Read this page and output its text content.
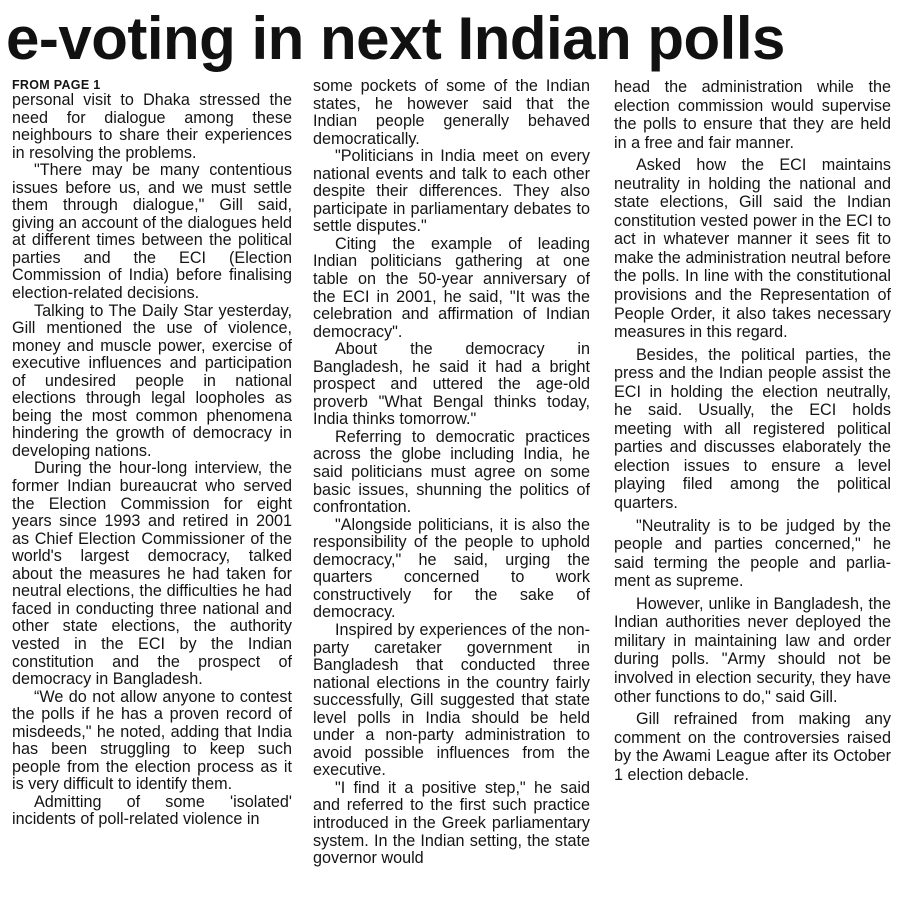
e-voting in next Indian polls
FROM PAGE 1

personal visit to Dhaka stressed the need for dialogue among these neighbours to share their experiences in resolving the problems.

"There may be many contentious issues before us, and we must settle them through dialogue," Gill said, giving an account of the dialogues held at different times between the political parties and the ECI (Election Commission of India) before finalising election-related decisions.

Talking to The Daily Star yesterday, Gill mentioned the use of violence, money and muscle power, exercise of executive influences and participation of undesired people in national elections through legal loopholes as being the most common phenomena hindering the growth of democracy in developing nations.

During the hour-long interview, the former Indian bureaucrat who served the Election Commission for eight years since 1993 and retired in 2001 as Chief Election Commissioner of the world's largest democracy, talked about the measures he had taken for neutral elections, the difficulties he had faced in conducting three national and other state elections, the authority vested in the ECI by the Indian constitution and the prospect of democracy in Bangladesh.

“We do not allow anyone to contest the polls if he has a proven record of misdeeds," he noted, adding that India has been struggling to keep such people from the election process as it is very difficult to identify them.

Admitting of some 'isolated' incidents of poll-related violence in

some pockets of some of the Indian states, he however said that the Indian people generally behaved democratically.

"Politicians in India meet on every national events and talk to each other despite their differences. They also participate in parliamentary debates to settle disputes."

Citing the example of leading Indian politicians gathering at one table on the 50-year anniversary of the ECI in 2001, he said, "It was the celebration and affirmation of Indian democracy".

About the democracy in Bangladesh, he said it had a bright prospect and uttered the age-old proverb "What Bengal thinks today, India thinks tomorrow."

Referring to democratic practices across the globe including India, he said politicians must agree on some basic issues, shunning the politics of confrontation.

"Alongside politicians, it is also the responsibility of the people to uphold democracy," he said, urging the quarters concerned to work constructively for the sake of democracy.

Inspired by experiences of the non-party caretaker government in Bangladesh that conducted three national elections in the country fairly successfully, Gill suggested that state level polls in India should be held under a non-party administration to avoid possible influences from the executive.

"I find it a positive step," he said and referred to the first such practice introduced in the Greek parliamentary system. In the Indian setting, the state governor would

head the administration while the election commission would supervise the polls to ensure that they are held in a free and fair manner.

Asked how the ECI maintains neutrality in holding the national and state elections, Gill said the Indian constitution vested power in the ECI to act in whatever manner it sees fit to make the administration neutral before the polls. In line with the constitutional provisions and the Representation of People Order, it also takes necessary measures in this regard.

Besides, the political parties, the press and the Indian people assist the ECI in holding the election neutrally, he said. Usually, the ECI holds meeting with all registered political parties and discusses elaborately the election issues to ensure a level playing filed among the political quarters.

"Neutrality is to be judged by the people and parties concerned," he said terming the people and parliament as supreme.

However, unlike in Bangladesh, the Indian authorities never deployed the military in maintaining law and order during polls. "Army should not be involved in election security, they have other functions to do," said Gill.

Gill refrained from making any comment on the controversies raised by the Awami League after its October 1 election debacle.
